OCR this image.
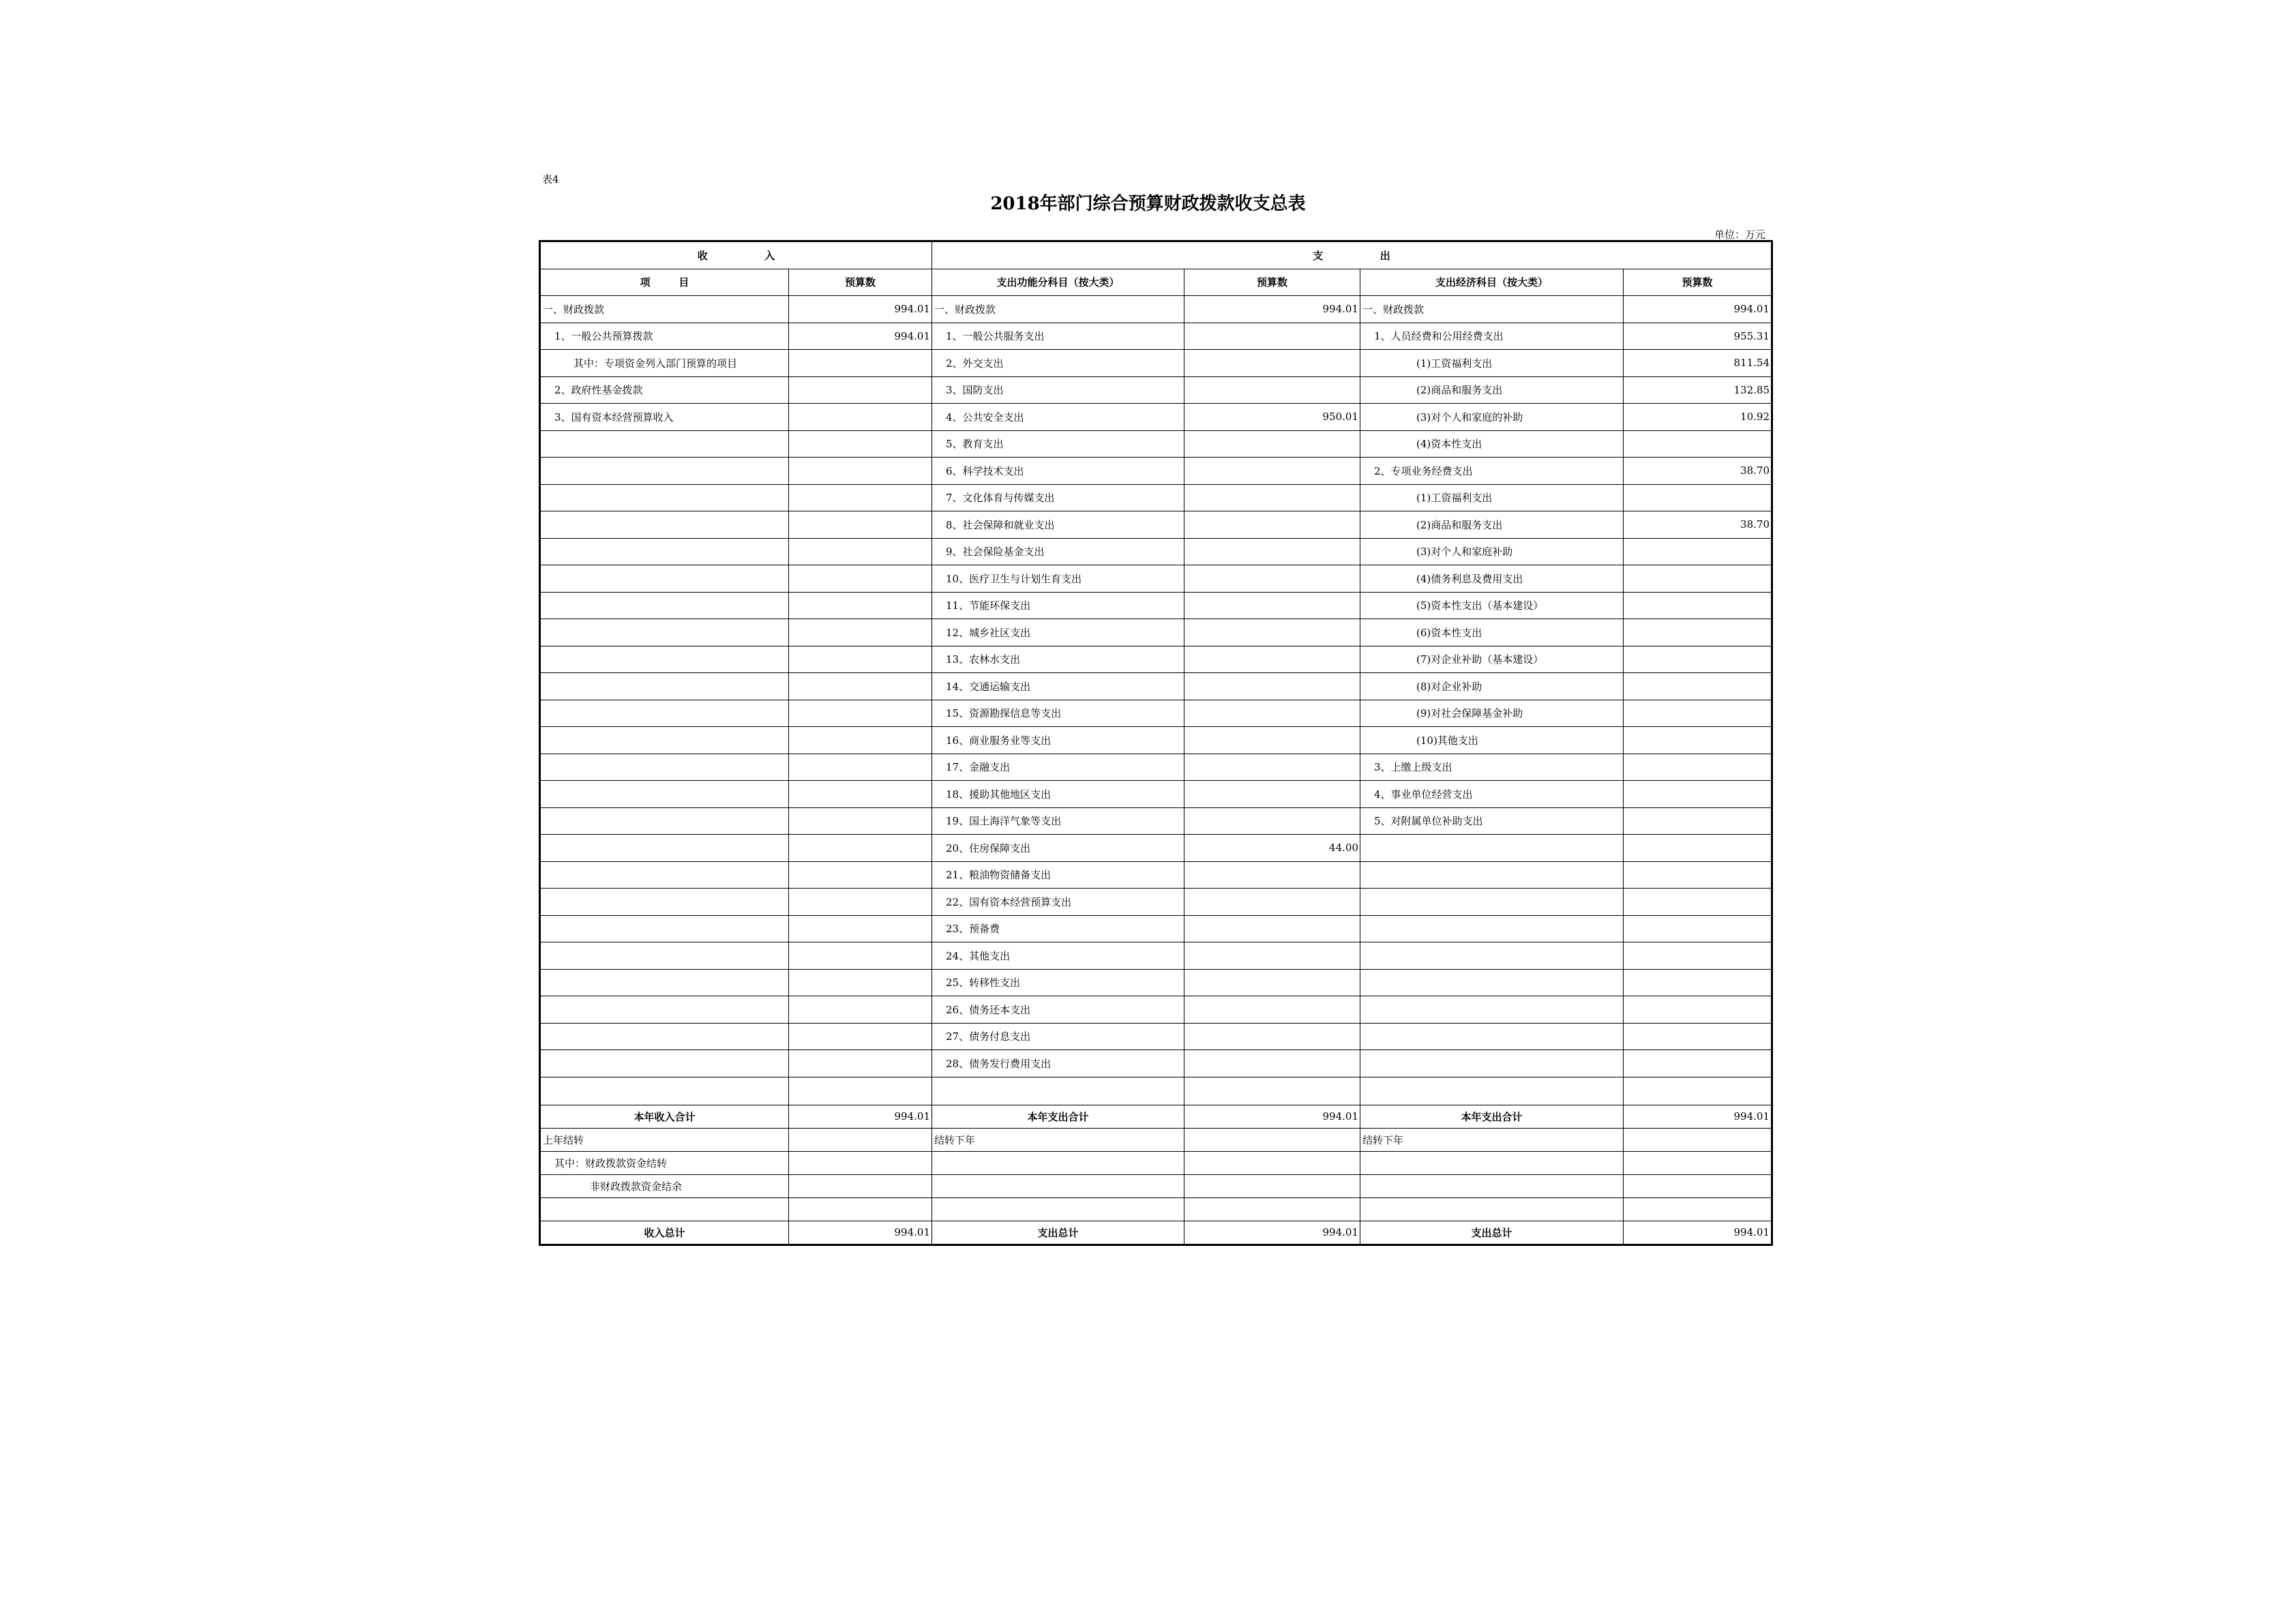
表4
2018年部门综合预算财政拨款收支总表
单位：万元
收                入		支                出			
项        目	预算数	支出功能分科目（按大类）	预算数	支出经济科目（按大类）	预算数
一、财政拨款	994.01	一、财政拨款	994.01	一、财政拨款	994.01
1、一般公共预算拨款	994.01	1、一般公共服务支出		1、人员经费和公用经费支出	955.31
其中：专项资金列入部门预算的项目		2、外交支出		(1)工资福利支出	811.54
2、政府性基金拨款		3、国防支出		(2)商品和服务支出	132.85
3、国有资本经营预算收入		4、公共安全支出	950.01	(3)对个人和家庭的补助	10.92
		5、教育支出		(4)资本性支出	
		6、科学技术支出		2、专项业务经费支出	38.70
		7、文化体育与传媒支出		(1)工资福利支出	
		8、社会保障和就业支出		(2)商品和服务支出	38.70
		9、社会保险基金支出		(3)对个人和家庭补助	
		10、医疗卫生与计划生育支出		(4)债务利息及费用支出	
		11、节能环保支出		(5)资本性支出（基本建设）	
		12、城乡社区支出		(6)资本性支出	
		13、农林水支出		(7)对企业补助（基本建设）	
		14、交通运输支出		(8)对企业补助	
		15、资源勘探信息等支出		(9)对社会保障基金补助	
		16、商业服务业等支出		(10)其他支出	
		17、金融支出		3、上缴上级支出	
		18、援助其他地区支出		4、事业单位经营支出	
		19、国土海洋气象等支出		5、对附属单位补助支出	
		20、住房保障支出	44.00		
		21、粮油物资储备支出			
		22、国有资本经营预算支出			
		23、预备费			
		24、其他支出			
		25、转移性支出			
		26、债务还本支出			
		27、债务付息支出			
		28、债务发行费用支出			

本年收入合计	994.01	本年支出合计	994.01	本年支出合计	994.01
上年结转		结转下年		结转下年	
其中：财政拨款资金结转					
非财政拨款资金结余					

收入总计	994.01	支出总计	994.01	支出总计	994.01
